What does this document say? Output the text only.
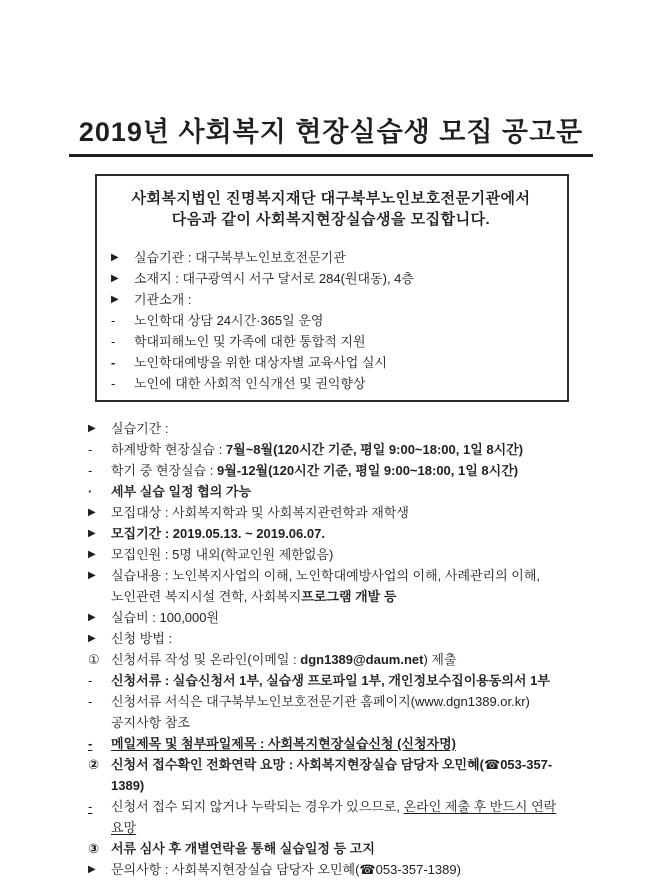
2019년 사회복지 현장실습생 모집 공고문
사회복지법인 진명복지재단 대구북부노인보호전문기관에서
다음과 같이 사회복지현장실습생을 모집합니다.
▶	실습기관 : 대구북부노인보호전문기관
▶	소재지 : 대구광역시 서구 달서로 284(원대동), 4층
▶	기관소개 :
-	노인학대 상담 24시간·365일 운영
-	학대피해노인 및 가족에 대한 통합적 지원
-	노인학대예방을 위한 대상자별 교육사업 실시
-	노인에 대한 사회적 인식개선 및 권익향상
▶	실습기간 :
-	하계방학 현장실습 : 7월~8월(120시간 기준, 평일 9:00~18:00, 1일 8시간)
-	학기 중 현장실습 : 9월-12월(120시간 기준, 평일 9:00~18:00, 1일 8시간)
·	세부 실습 일정 협의 가능
▶	모집대상 : 사회복지학과 및 사회복지관련학과 재학생
▶	모집기간 : 2019.05.13. ~ 2019.06.07.
▶	모집인원 : 5명 내외(학교인원 제한없음)
▶	실습내용 : 노인복지사업의 이해, 노인학대예방사업의 이해, 사례관리의 이해, 노인관련 복지시설 견학, 사회복지프로그램 개발 등
▶	실습비 : 100,000원
▶	신청 방법 :
① 신청서류 작성 및 온라인(이메일 : dgn1389@daum.net) 제출
-	신청서류 : 실습신청서 1부, 실습생 프로파일 1부, 개인정보수집이용동의서 1부
-	신청서류 서식은 대구북부노인보호전문기관 홈페이지(www.dgn1389.or.kr) 공지사항 참조
-	메일제목 및 첨부파일제목 : 사회복지현장실습신청 (신청자명)
② 신청서 접수확인 전화연락 요망 : 사회복지현장실습 담당자 오민혜(☎053-357-1389)
-	신청서 접수 되지 않거나 누락되는 경우가 있으므로, 온라인 제출 후 반드시 연락 요망
③ 서류 심사 후 개별연락을 통해 실습일정 등 고지
▶	문의사항 : 사회복지현장실습 담당자 오민혜(☎053-357-1389)
